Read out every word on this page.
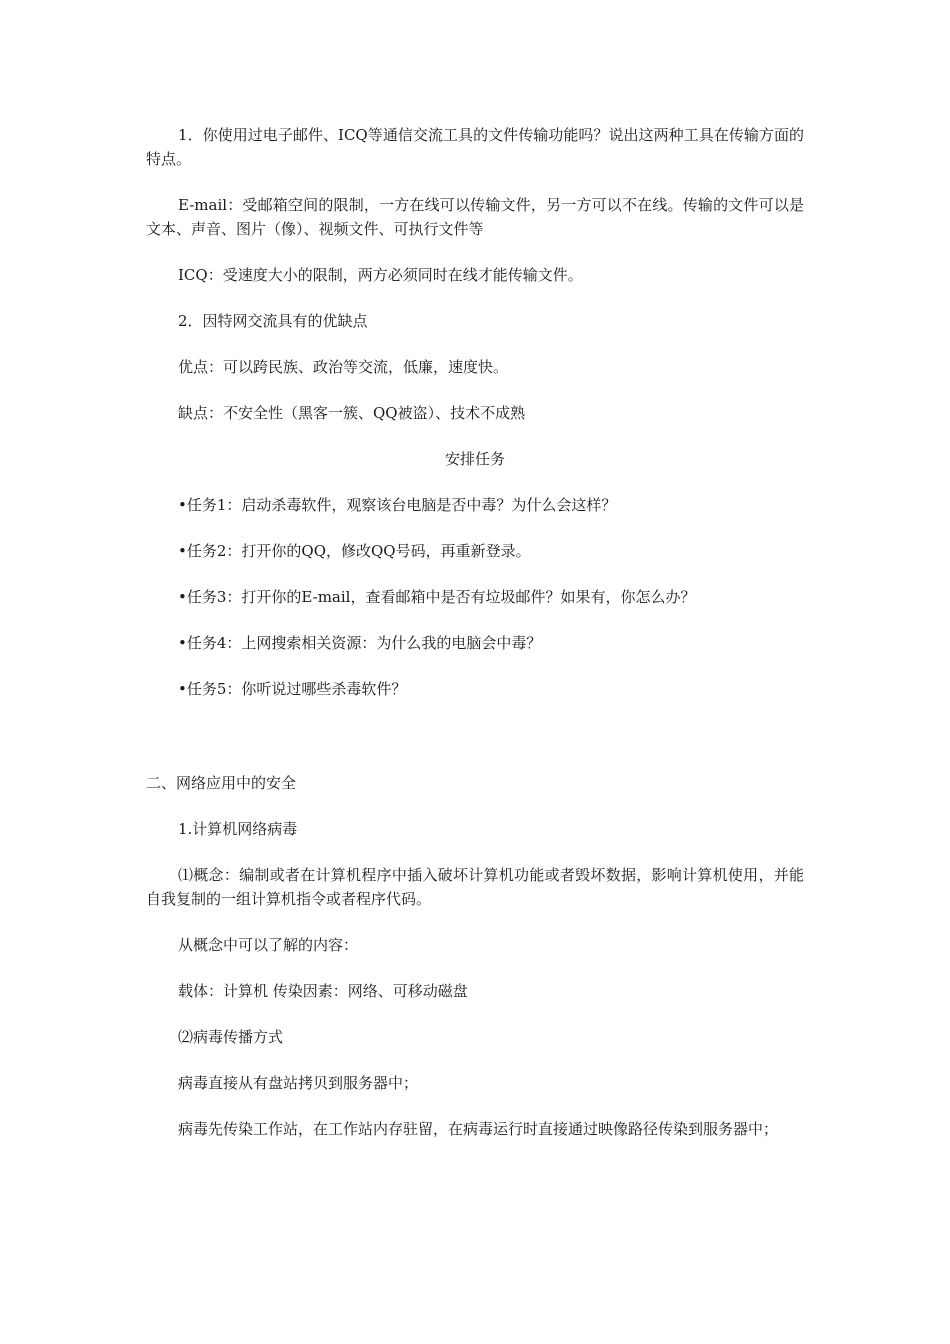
1．你使用过电子邮件、ICQ等通信交流工具的文件传输功能吗？说出这两种工具在传输方面的特点。

E-mail：受邮箱空间的限制，一方在线可以传输文件，另一方可以不在线。传输的文件可以是文本、声音、图片（像）、视频文件、可执行文件等

ICQ：受速度大小的限制，两方必须同时在线才能传输文件。

2．因特网交流具有的优缺点

优点：可以跨民族、政治等交流，低廉，速度快。

缺点：不安全性（黑客一簇、QQ被盗）、技术不成熟

安排任务

•任务1：启动杀毒软件，观察该台电脑是否中毒？为什么会这样？

•任务2：打开你的QQ，修改QQ号码，再重新登录。

•任务3：打开你的E-mail，查看邮箱中是否有垃圾邮件？如果有，你怎么办？

•任务4：上网搜索相关资源：为什么我的电脑会中毒？

•任务5：你听说过哪些杀毒软件？

二、网络应用中的安全

1.计算机网络病毒

⑴概念：编制或者在计算机程序中插入破坏计算机功能或者毁坏数据，影响计算机使用，并能自我复制的一组计算机指令或者程序代码。

从概念中可以了解的内容：

载体：计算机 传染因素：网络、可移动磁盘

⑵病毒传播方式

病毒直接从有盘站拷贝到服务器中；

病毒先传染工作站，在工作站内存驻留，在病毒运行时直接通过映像路径传染到服务器中；
